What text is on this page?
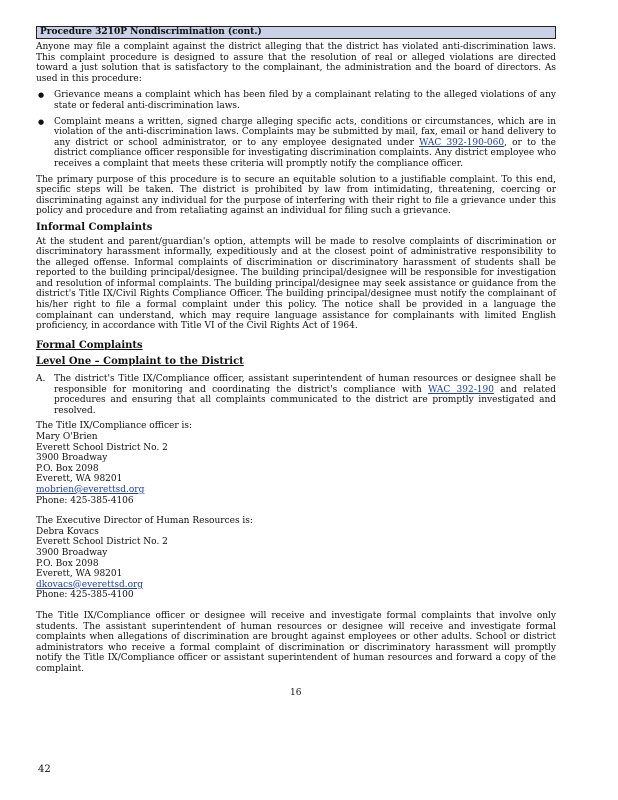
Procedure 3210P Nondiscrimination (cont.)

Anyone may file a complaint against the district alleging that the district has violated anti-discrimination laws. This complaint procedure is designed to assure that the resolution of real or alleged violations are directed toward a just solution that is satisfactory to the complainant, the administration and the board of directors. As used in this procedure:

● Grievance means a complaint which has been filed by a complainant relating to the alleged violations of any state or federal anti-discrimination laws.
● Complaint means a written, signed charge alleging specific acts, conditions or circumstances, which are in violation of the anti-discrimination laws. Complaints may be submitted by mail, fax, email or hand delivery to any district or school administrator, or to any employee designated under WAC 392-190-060, or to the district compliance officer responsible for investigating discrimination complaints. Any district employee who receives a complaint that meets these criteria will promptly notify the compliance officer.

The primary purpose of this procedure is to secure an equitable solution to a justifiable complaint. To this end, specific steps will be taken. The district is prohibited by law from intimidating, threatening, coercing or discriminating against any individual for the purpose of interfering with their right to file a grievance under this policy and procedure and from retaliating against an individual for filing such a grievance.

Informal Complaints

At the student and parent/guardian's option, attempts will be made to resolve complaints of discrimination or discriminatory harassment informally, expeditiously and at the closest point of administrative responsibility to the alleged offense. Informal complaints of discrimination or discriminatory harassment of students shall be reported to the building principal/designee. The building principal/designee will be responsible for investigation and resolution of informal complaints. The building principal/designee may seek assistance or guidance from the district's Title IX/Civil Rights Compliance Officer. The building principal/designee must notify the complainant of his/her right to file a formal complaint under this policy. The notice shall be provided in a language the complainant can understand, which may require language assistance for complainants with limited English proficiency, in accordance with Title VI of the Civil Rights Act of 1964.

Formal Complaints
Level One – Complaint to the District
A. The district's Title IX/Compliance officer, assistant superintendent of human resources or designee shall be responsible for monitoring and coordinating the district's compliance with WAC 392-190 and related procedures and ensuring that all complaints communicated to the district are promptly investigated and resolved.
The Title IX/Compliance officer is:
Mary O'Brien
Everett School District No. 2
3900 Broadway
P.O. Box 2098
Everett, WA 98201
mobrien@everettsd.org
Phone: 425-385-4106
The Executive Director of Human Resources is:
Debra Kovacs
Everett School District No. 2
3900 Broadway
P.O. Box 2098
Everett, WA 98201
dkovacs@everettsd.org
Phone: 425-385-4100

The Title IX/Compliance officer or designee will receive and investigate formal complaints that involve only students. The assistant superintendent of human resources or designee will receive and investigate formal complaints when allegations of discrimination are brought against employees or other adults. School or district administrators who receive a formal complaint of discrimination or discriminatory harassment will promptly notify the Title IX/Compliance officer or assistant superintendent of human resources and forward a copy of the complaint.

16
42
